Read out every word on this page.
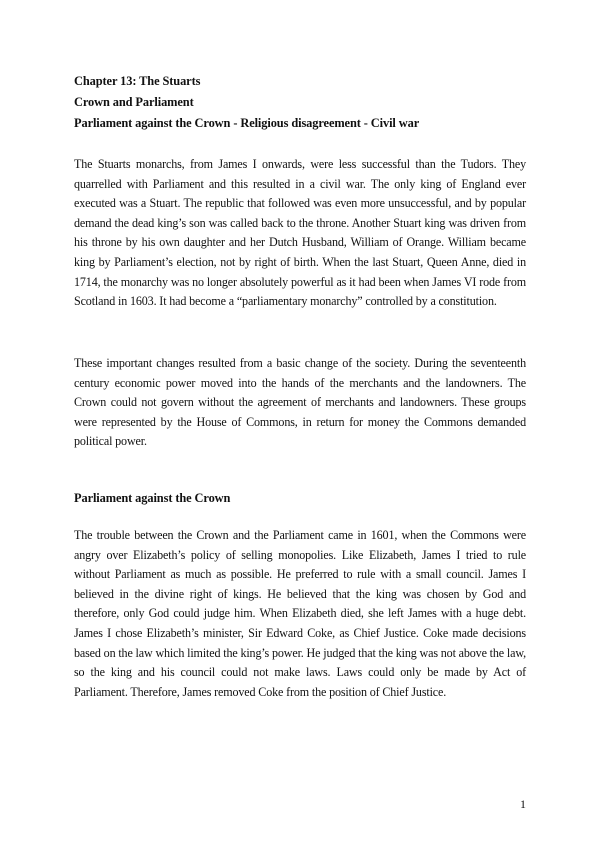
Chapter 13: The Stuarts
Crown and Parliament
Parliament against the Crown - Religious disagreement - Civil war

The Stuarts monarchs, from James I onwards, were less successful than the Tudors. They quarrelled with Parliament and this resulted in a civil war. The only king of England ever executed was a Stuart. The republic that followed was even more unsuccessful, and by popular demand the dead king’s son was called back to the throne. Another Stuart king was driven from his throne by his own daughter and her Dutch Husband, William of Orange. William became king by Parliament’s election, not by right of birth. When the last Stuart, Queen Anne, died in 1714, the monarchy was no longer absolutely powerful as it had been when James VI rode from Scotland in 1603. It had become a “parliamentary monarchy” controlled by a constitution.

These important changes resulted from a basic change of the society. During the seventeenth century economic power moved into the hands of the merchants and the landowners. The Crown could not govern without the agreement of merchants and landowners. These groups were represented by the House of Commons, in return for money the Commons demanded political power.

Parliament against the Crown

The trouble between the Crown and the Parliament came in 1601, when the Commons were angry over Elizabeth’s policy of selling monopolies. Like Elizabeth, James I tried to rule without Parliament as much as possible. He preferred to rule with a small council. James I believed in the divine right of kings. He believed that the king was chosen by God and therefore, only God could judge him. When Elizabeth died, she left James with a huge debt. James I chose Elizabeth’s minister, Sir Edward Coke, as Chief Justice. Coke made decisions based on the law which limited the king’s power. He judged that the king was not above the law, so the king and his council could not make laws. Laws could only be made by Act of Parliament. Therefore, James removed Coke from the position of Chief Justice.

1
